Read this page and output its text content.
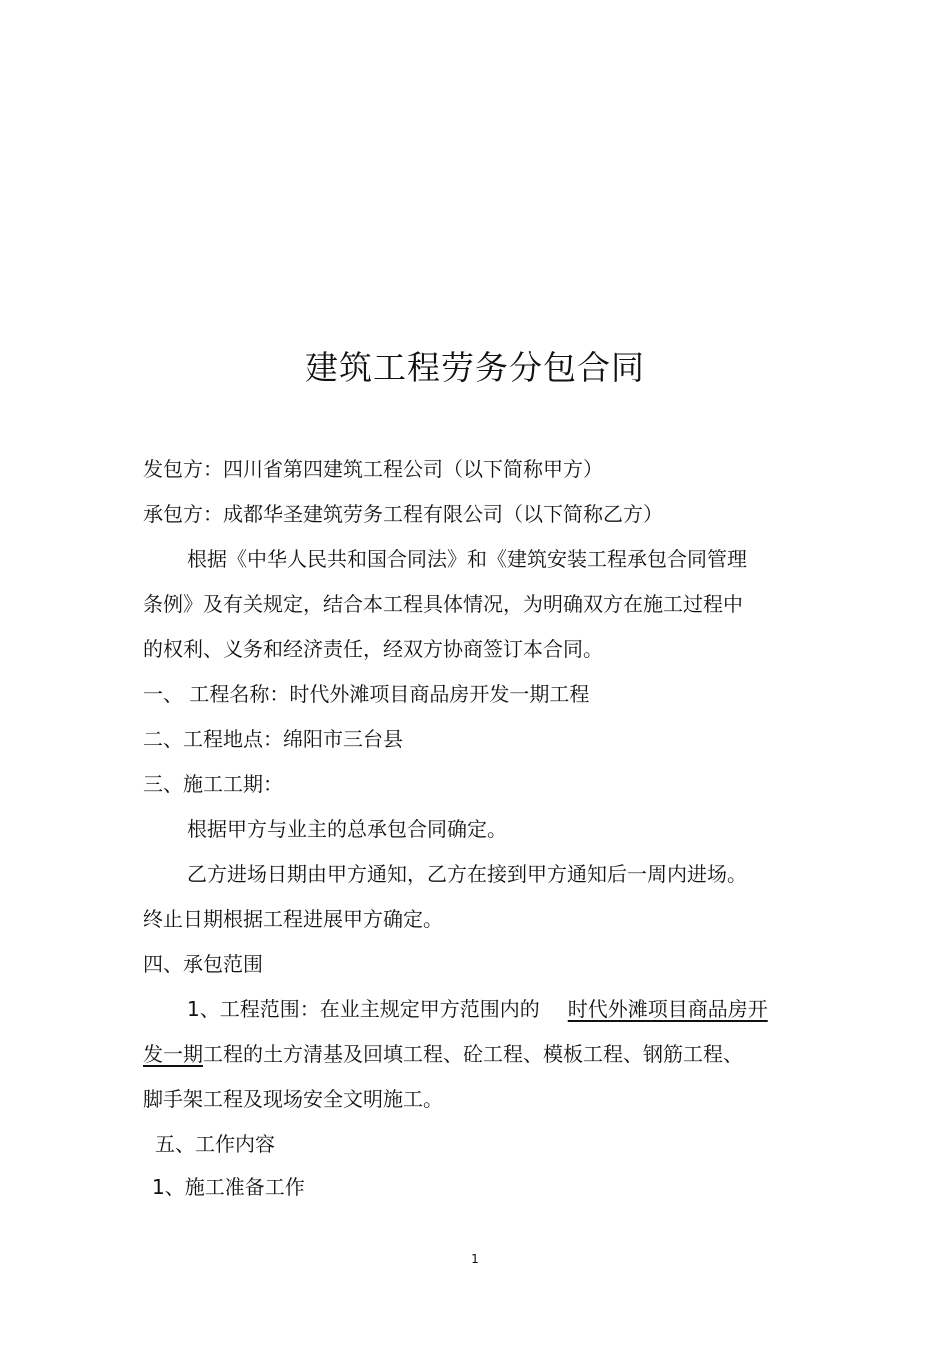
建筑工程劳务分包合同
发包方：四川省第四建筑工程公司（以下简称甲方）
承包方：成都华圣建筑劳务工程有限公司（以下简称乙方）
根据《中华人民共和国合同法》和《建筑安装工程承包合同管理
条例》及有关规定，结合本工程具体情况，为明确双方在施工过程中
的权利、义务和经济责任，经双方协商签订本合同。
一、 工程名称：时代外滩项目商品房开发一期工程
二、工程地点：绵阳市三台县
三、施工工期：
根据甲方与业主的总承包合同确定。
乙方进场日期由甲方通知，乙方在接到甲方通知后一周内进场。
终止日期根据工程进展甲方确定。
四、承包范围
1、工程范围：在业主规定甲方范围内的 时代外滩项目商品房开
发一期工程的土方清基及回填工程、砼工程、模板工程、钢筋工程、
脚手架工程及现场安全文明施工。
五、工作内容
1、施工准备工作
1
